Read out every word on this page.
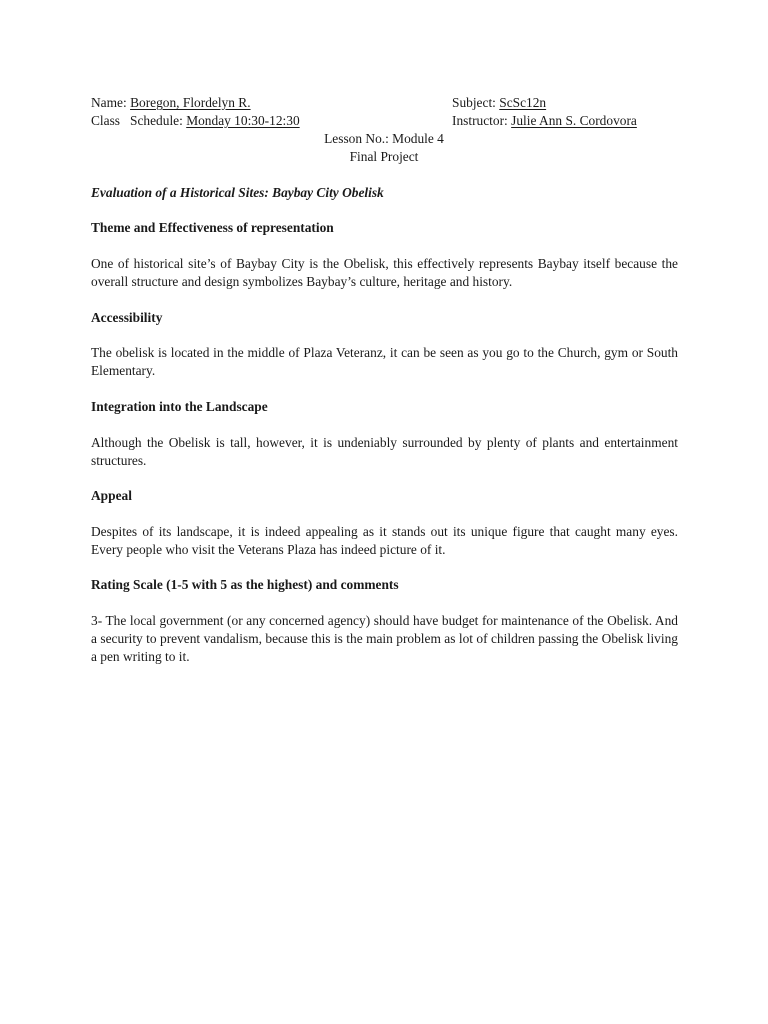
Name: Boregon, Flordelyn R.	Subject: ScSc12n
Class Schedule: Monday 10:30-12:30	Instructor: Julie Ann S. Cordovora
Lesson No.: Module 4
Final Project
Evaluation of a Historical Sites: Baybay City Obelisk
Theme and Effectiveness of representation
One of historical site’s of Baybay City is the Obelisk, this effectively represents Baybay itself because the overall structure and design symbolizes Baybay’s culture, heritage and history.
Accessibility
The obelisk is located in the middle of Plaza Veteranz, it can be seen as you go to the Church, gym or South Elementary.
Integration into the Landscape
Although the Obelisk is tall, however, it is undeniably surrounded by plenty of plants and entertainment structures.
Appeal
Despites of its landscape, it is indeed appealing as it stands out its unique figure that caught many eyes. Every people who visit the Veterans Plaza has indeed picture of it.
Rating Scale (1-5 with 5 as the highest) and comments
3- The local government (or any concerned agency) should have budget for maintenance of the Obelisk. And a security to prevent vandalism, because this is the main problem as lot of children passing the Obelisk living a pen writing to it.
